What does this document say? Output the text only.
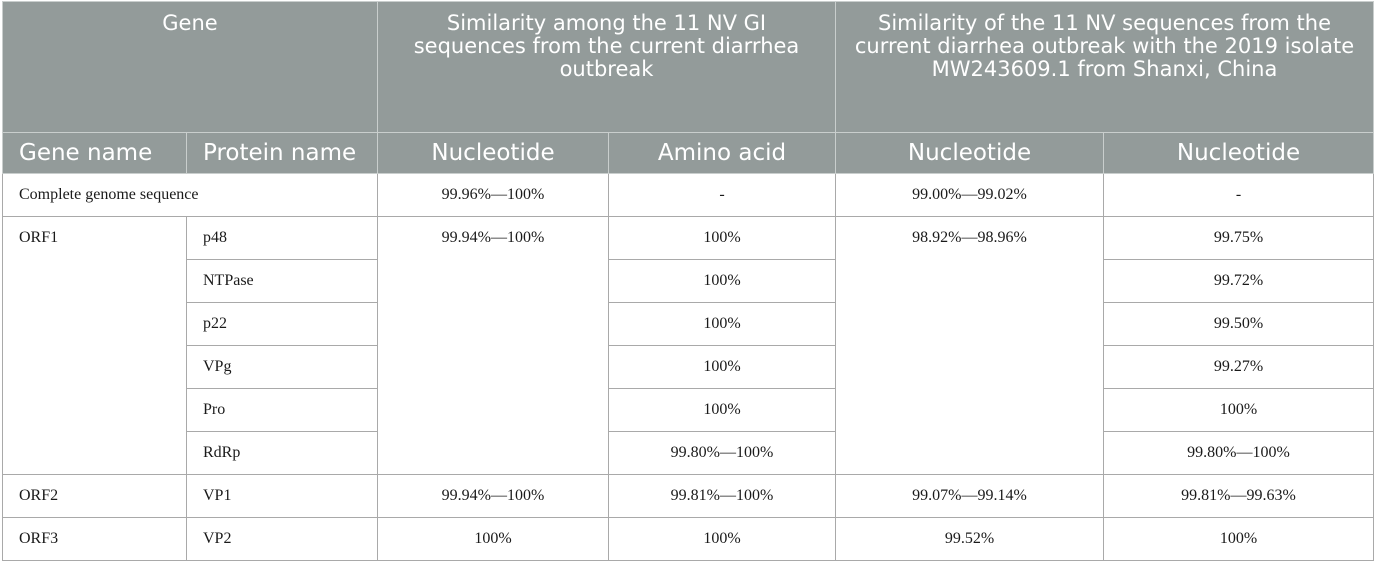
Gene		Similarity among the 11 NV GI sequences from the current diarrhea outbreak		Similarity of the 11 NV sequences from the current diarrhea outbreak with the 2019 isolate MW243609.1 from Shanxi, China	
Gene name	Protein name	Nucleotide	Amino acid	Nucleotide	Nucleotide
Complete genome sequence		99.96%—100%	-	99.00%—99.02%	-
ORF1	p48	99.94%—100%	100%	98.92%—98.96%	99.75%
	NTPase		100%		99.72%
	p22		100%		99.50%
	VPg		100%		99.27%
	Pro		100%		100%
	RdRp		99.80%—100%		99.80%—100%
ORF2	VP1	99.94%—100%	99.81%—100%	99.07%—99.14%	99.81%—99.63%
ORF3	VP2	100%	100%	99.52%	100%
